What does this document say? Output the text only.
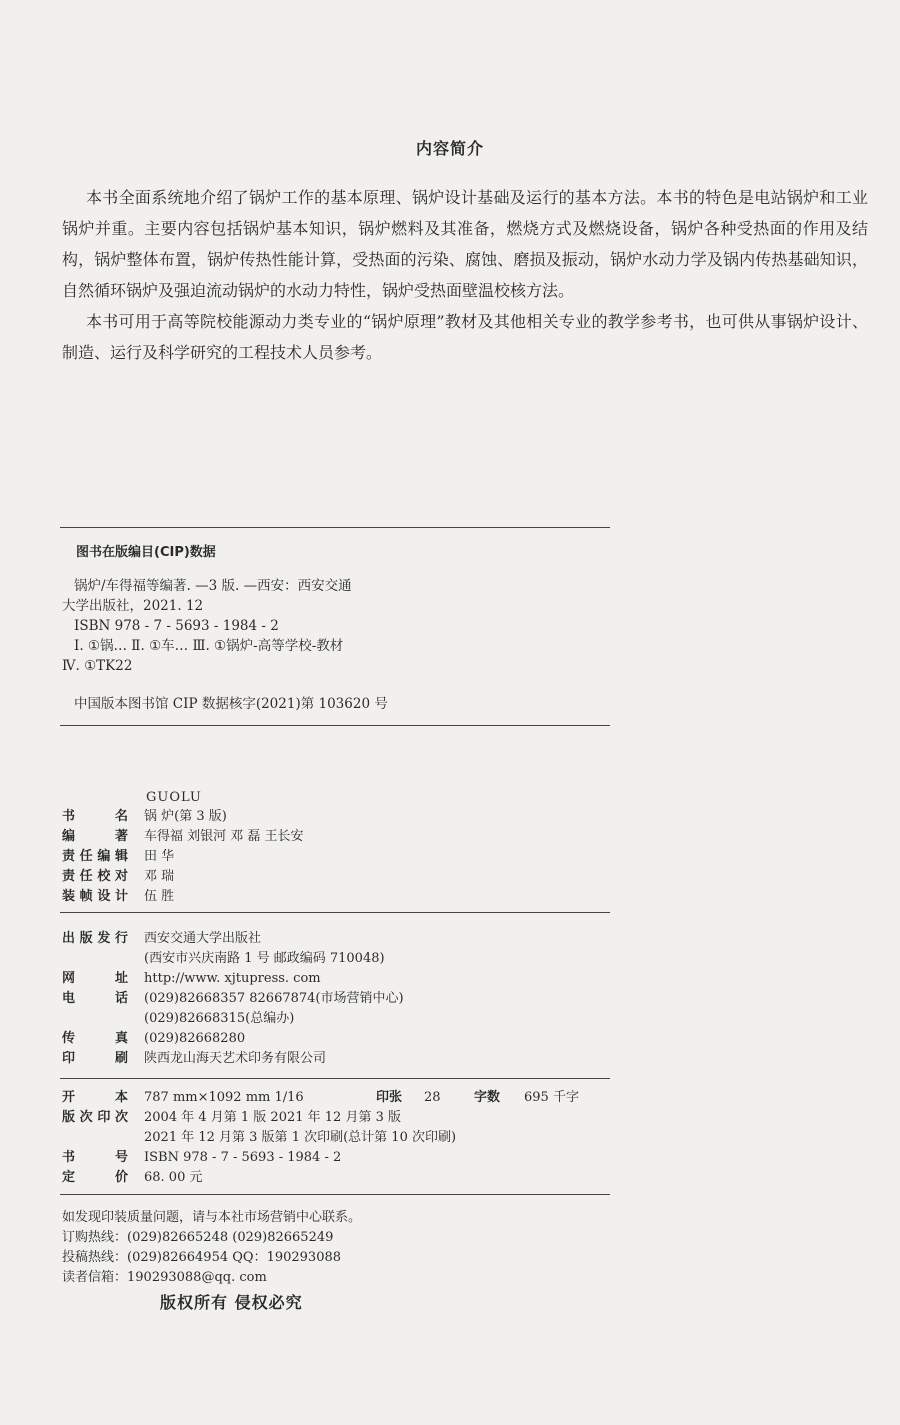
内容简介

本书全面系统地介绍了锅炉工作的基本原理、锅炉设计基础及运行的基本方法。本书的特色是电站锅炉和工业锅炉并重。主要内容包括锅炉基本知识，锅炉燃料及其准备，燃烧方式及燃烧设备，锅炉各种受热面的作用及结构，锅炉整体布置，锅炉传热性能计算，受热面的污染、腐蚀、磨损及振动，锅炉水动力学及锅内传热基础知识，自然循环锅炉及强迫流动锅炉的水动力特性，锅炉受热面壁温校核方法。

本书可用于高等院校能源动力类专业的“锅炉原理”教材及其他相关专业的教学参考书，也可供从事锅炉设计、制造、运行及科学研究的工程技术人员参考。

图书在版编目(CIP)数据
锅炉/车得福等编著. —3 版. —西安：西安交通
大学出版社，2021. 12
ISBN 978 - 7 - 5693 - 1984 - 2
Ⅰ. ①锅… Ⅱ. ①车… Ⅲ. ①锅炉-高等学校-教材
Ⅳ. ①TK22
中国版本图书馆 CIP 数据核字(2021)第 103620 号
GUOLU
书名 锅 炉(第 3 版)
编著 车得福 刘银河 邓 磊 王长安
责任编辑 田 华
责任校对 邓 瑞
装帧设计 伍 胜
出版发行 西安交通大学出版社
(西安市兴庆南路 1 号 邮政编码 710048)
网址 http://www. xjtupress. com
电话 (029)82668357 82667874(市场营销中心)
(029)82668315(总编办)
传真 (029)82668280
印刷 陕西龙山海天艺术印务有限公司
开本 787 mm×1092 mm 1/16	印张 28	字数 695 千字
版次印次 2004 年 4 月第 1 版 2021 年 12 月第 3 版
2021 年 12 月第 3 版第 1 次印刷(总计第 10 次印刷)
书号 ISBN 978 - 7 - 5693 - 1984 - 2
定价 68. 00 元
如发现印装质量问题，请与本社市场营销中心联系。
订购热线：(029)82665248 (029)82665249
投稿热线：(029)82664954 QQ：190293088
读者信箱：190293088@qq. com
版权所有 侵权必究
